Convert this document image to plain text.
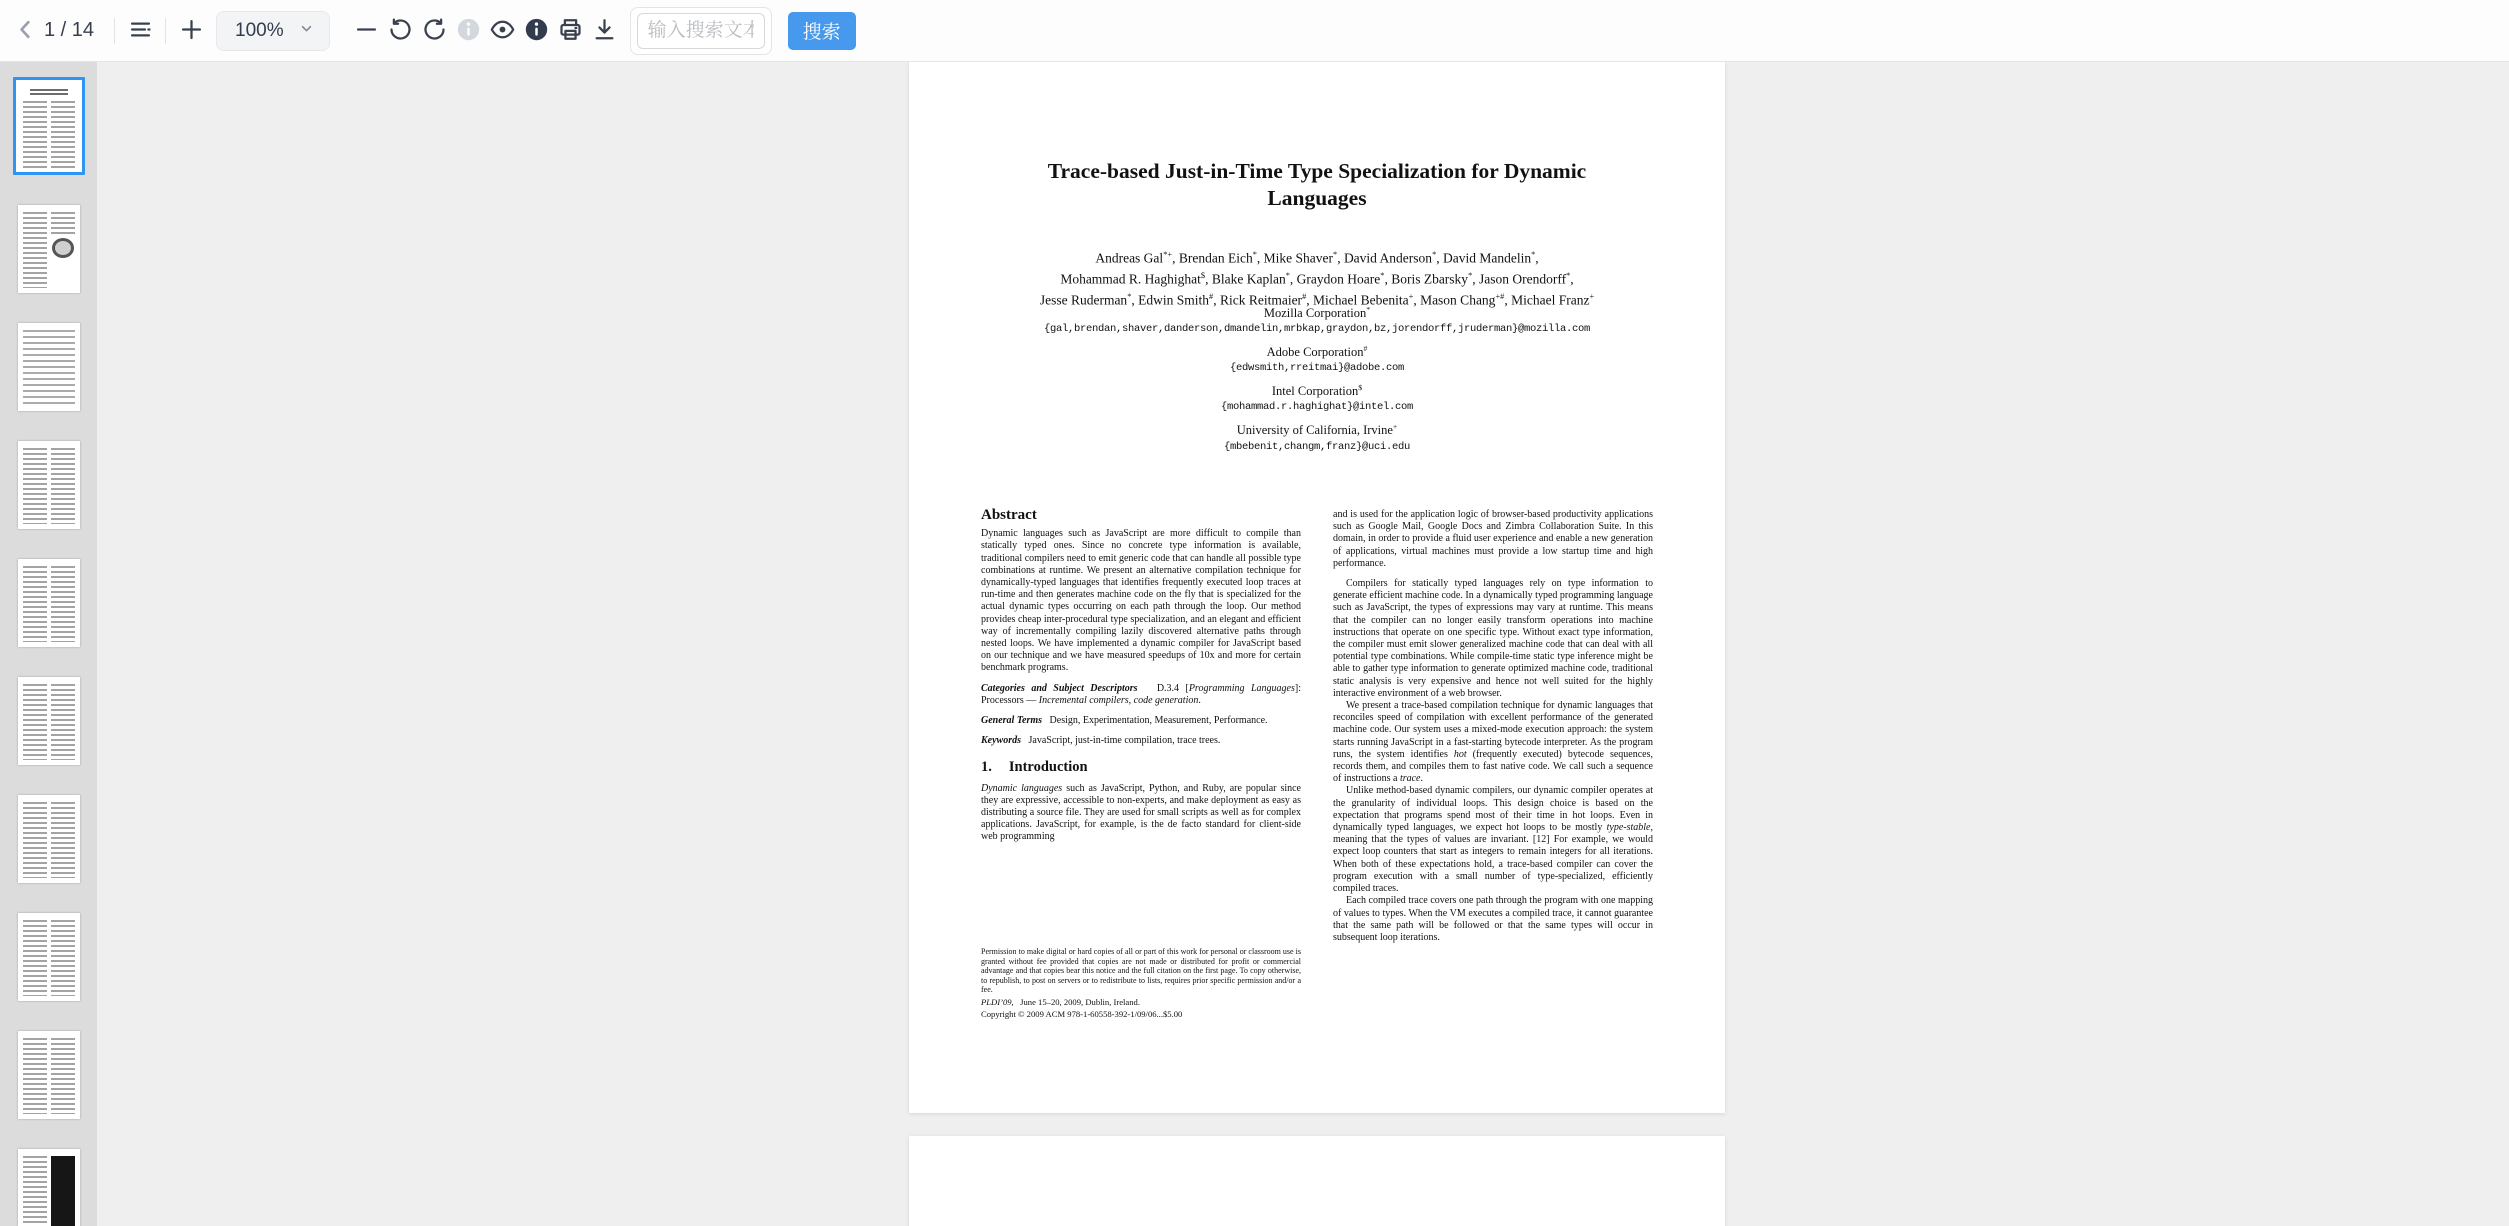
1 / 14	100%
输入搜索文本	搜索
Trace-based Just-in-Time Type Specialization for Dynamic Languages
Andreas Gal*+, Brendan Eich*, Mike Shaver*, David Anderson*, David Mandelin*,
Mohammad R. Haghighat$, Blake Kaplan*, Graydon Hoare*, Boris Zbarsky*, Jason Orendorff*,
Jesse Ruderman*, Edwin Smith#, Rick Reitmaier#, Michael Bebenita+, Mason Chang+#, Michael Franz+
Mozilla Corporation*
{gal,brendan,shaver,danderson,dmandelin,mrbkap,graydon,bz,jorendorff,jruderman}@mozilla.com
Adobe Corporation#
{edwsmith,rreitmai}@adobe.com
Intel Corporation$
{mohammad.r.haghighat}@intel.com
University of California, Irvine+
{mbebenit,changm,franz}@uci.edu
Abstract

Dynamic languages such as JavaScript are more difficult to compile than statically typed ones. Since no concrete type information is available, traditional compilers need to emit generic code that can handle all possible type combinations at runtime. We present an alternative compilation technique for dynamically-typed languages that identifies frequently executed loop traces at run-time and then generates machine code on the fly that is specialized for the actual dynamic types occurring on each path through the loop. Our method provides cheap inter-procedural type specialization, and an elegant and efficient way of incrementally compiling lazily discovered alternative paths through nested loops. We have implemented a dynamic compiler for JavaScript based on our technique and we have measured speedups of 10x and more for certain benchmark programs.

Categories and Subject Descriptors   D.3.4 [Programming Languages]: Processors — Incremental compilers, code generation.

General Terms   Design, Experimentation, Measurement, Performance.

Keywords   JavaScript, just-in-time compilation, trace trees.

1. Introduction

Dynamic languages such as JavaScript, Python, and Ruby, are popular since they are expressive, accessible to non-experts, and make deployment as easy as distributing a source file. They are used for small scripts as well as for complex applications. JavaScript, for example, is the de facto standard for client-side web programming

and is used for the application logic of browser-based productivity applications such as Google Mail, Google Docs and Zimbra Collaboration Suite. In this domain, in order to provide a fluid user experience and enable a new generation of applications, virtual machines must provide a low startup time and high performance.

Compilers for statically typed languages rely on type information to generate efficient machine code. In a dynamically typed programming language such as JavaScript, the types of expressions may vary at runtime. This means that the compiler can no longer easily transform operations into machine instructions that operate on one specific type. Without exact type information, the compiler must emit slower generalized machine code that can deal with all potential type combinations. While compile-time static type inference might be able to gather type information to generate optimized machine code, traditional static analysis is very expensive and hence not well suited for the highly interactive environment of a web browser.

We present a trace-based compilation technique for dynamic languages that reconciles speed of compilation with excellent performance of the generated machine code. Our system uses a mixed-mode execution approach: the system starts running JavaScript in a fast-starting bytecode interpreter. As the program runs, the system identifies hot (frequently executed) bytecode sequences, records them, and compiles them to fast native code. We call such a sequence of instructions a trace.

Unlike method-based dynamic compilers, our dynamic compiler operates at the granularity of individual loops. This design choice is based on the expectation that programs spend most of their time in hot loops. Even in dynamically typed languages, we expect hot loops to be mostly type-stable, meaning that the types of values are invariant. [12] For example, we would expect loop counters that start as integers to remain integers for all iterations. When both of these expectations hold, a trace-based compiler can cover the program execution with a small number of type-specialized, efficiently compiled traces.

Each compiled trace covers one path through the program with one mapping of values to types. When the VM executes a compiled trace, it cannot guarantee that the same path will be followed or that the same types will occur in subsequent loop iterations.

Permission to make digital or hard copies of all or part of this work for personal or classroom use is granted without fee provided that copies are not made or distributed for profit or commercial advantage and that copies bear this notice and the full citation on the first page. To copy otherwise, to republish, to post on servers or to redistribute to lists, requires prior specific permission and/or a fee.
PLDI’09,   June 15–20, 2009, Dublin, Ireland.
Copyright © 2009 ACM 978-1-60558-392-1/09/06...$5.00
